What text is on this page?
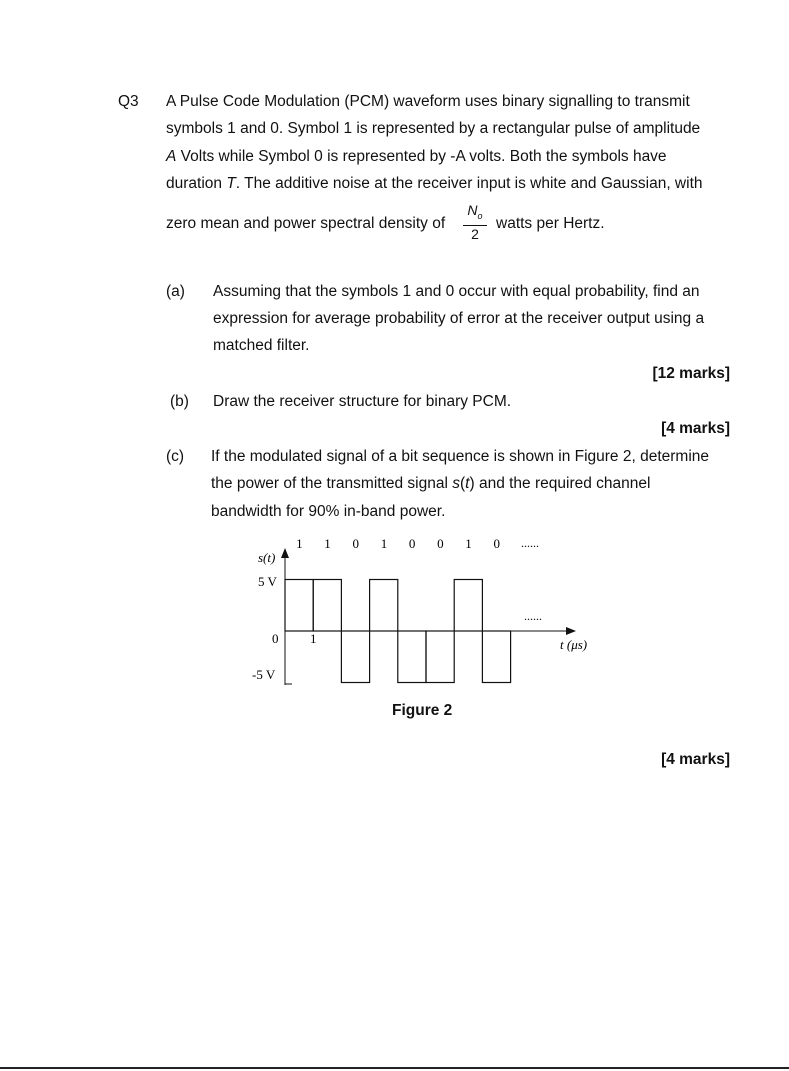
Q3 A Pulse Code Modulation (PCM) waveform uses binary signalling to transmit
symbols 1 and 0. Symbol 1 is represented by a rectangular pulse of amplitude
A Volts while Symbol 0 is represented by -A volts. Both the symbols have
duration T. The additive noise at the receiver input is white and Gaussian, with
zero mean and power spectral density of
$N_o$
2
watts per Hertz.
(a) Assuming that the symbols 1 and 0 occur with equal probability, find an
expression for average probability of error at the receiver output using a
matched filter.
[12 marks]
(b) Draw the receiver structure for binary PCM.
[4 marks]
(c) If the modulated signal of a bit sequence is shown in Figure 2, determine
the power of the transmitted signal s(t) and the required channel
bandwidth for 90% in-band power.
s(t)
5 V
0
-5 V
1	t (μs)
......
......
1 1 0 1 0 0 1 0
Figure 2
[4 marks]
